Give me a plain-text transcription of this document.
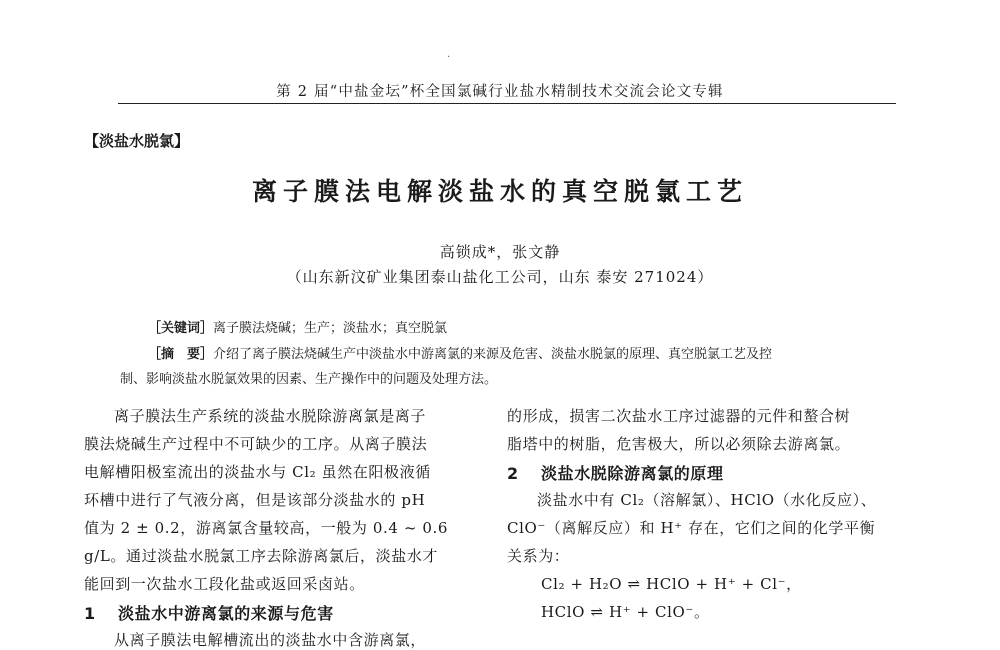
·
第 2 届“中盐金坛”杯全国氯碱行业盐水精制技术交流会论文专辑
【淡盐水脱氯】
离子膜法电解淡盐水的真空脱氯工艺
高锁成*，张文静
（山东新汶矿业集团泰山盐化工公司，山东 泰安 271024）
［关键词］离子膜法烧碱；生产；淡盐水；真空脱氯
［摘　要］介绍了离子膜法烧碱生产中淡盐水中游离氯的来源及危害、淡盐水脱氯的原理、真空脱氯工艺及控
制、影响淡盐水脱氯效果的因素、生产操作中的问题及处理方法。
离子膜法生产系统的淡盐水脱除游离氯是离子
膜法烧碱生产过程中不可缺少的工序。从离子膜法
电解槽阳极室流出的淡盐水与 Cl₂ 虽然在阳极液循
环槽中进行了气液分离，但是该部分淡盐水的 pH
值为 2 ± 0.2，游离氯含量较高，一般为 0.4 ~ 0.6
g/L。通过淡盐水脱氯工序去除游离氯后，淡盐水才
能回到一次盐水工段化盐或返回采卤站。
1 淡盐水中游离氯的来源与危害
从离子膜法电解槽流出的淡盐水中含游离氯，
的形成，损害二次盐水工序过滤器的元件和螯合树
脂塔中的树脂，危害极大，所以必须除去游离氯。
2 淡盐水脱除游离氯的原理
淡盐水中有 Cl₂（溶解氯）、HClO（水化反应）、
ClO⁻（离解反应）和 H⁺ 存在，它们之间的化学平衡
关系为：
Cl₂ + H₂O ⇌ HClO + H⁺ + Cl⁻，
HClO ⇌ H⁺ + ClO⁻。
